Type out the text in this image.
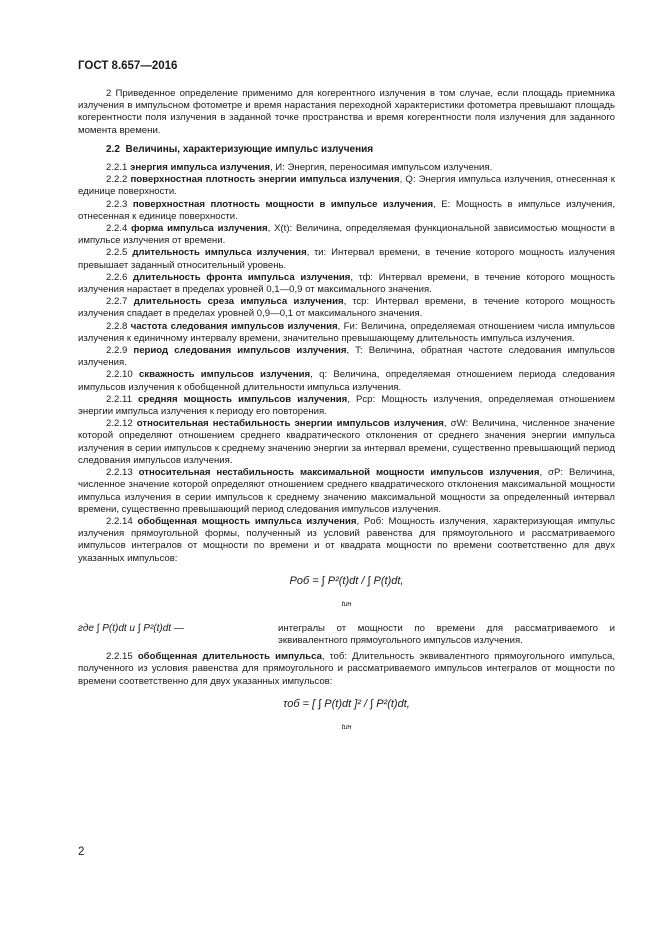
ГОСТ 8.657—2016

2 Приведенное определение применимо для когерентного излучения в том случае, если площадь приемника излучения в импульсном фотометре и время нарастания переходной характеристики фотометра превышают площадь когерентности поля излучения в заданной точке пространства и время когерентности поля излучения для заданного момента времени.

2.2 Величины, характеризующие импульс излучения

2.2.1 энергия импульса излучения, И: Энергия, переносимая импульсом излучения.

2.2.2 поверхностная плотность энергии импульса излучения, Q: Энергия импульса излучения, отнесенная к единице поверхности.

2.2.3 поверхностная плотность мощности в импульсе излучения, E: Мощность в импульсе излучения, отнесенная к единице поверхности.

2.2.4 форма импульса излучения, X(t): Величина, определяемая функциональной зависимостью мощности в импульсе излучения от времени.

2.2.5 длительность импульса излучения, τи: Интервал времени, в течение которого мощность излучения превышает заданный относительный уровень.

2.2.6 длительность фронта импульса излучения, τф: Интервал времени, в течение которого мощность излучения нарастает в пределах уровней 0,1—0,9 от максимального значения.

2.2.7 длительность среза импульса излучения, τср: Интервал времени, в течение которого мощность излучения спадает в пределах уровней 0,9—0,1 от максимального значения.

2.2.8 частота следования импульсов излучения, Fи: Величина, определяемая отношением числа импульсов излучения к единичному интервалу времени, значительно превышающему длительность импульса излучения.

2.2.9 период следования импульсов излучения, T: Величина, обратная частоте следования импульсов излучения.

2.2.10 скважность импульсов излучения, q: Величина, определяемая отношением периода следования импульсов излучения к обобщенной длительности импульса излучения.

2.2.11 средняя мощность импульсов излучения, Pср: Мощность излучения, определяемая отношением энергии импульса излучения к периоду его повторения.

2.2.12 относительная нестабильность энергии импульсов излучения, σW: Величина, численное значение которой определяют отношением среднего квадратического отклонения от среднего значения энергии импульса излучения в серии импульсов к среднему значению энергии за интервал времени, существенно превышающий период следования импульсов излучения.

2.2.13 относительная нестабильность максимальной мощности импульсов излучения, σP: Величина, численное значение которой определяют отношением среднего квадратического отклонения максимальной мощности импульса излучения в серии импульсов к среднему значению максимальной мощности за определенный интервал времени, существенно превышающий период следования импульсов излучения.

2.2.14 обобщенная мощность импульса излучения, Pоб: Мощность излучения, характеризующая импульс излучения прямоугольной формы, полученный из условий равенства для прямоугольного и рассматриваемого импульсов интегралов от мощности по времени и от квадрата мощности по времени соответственно для двух указанных импульсов:

Pоб = ∫ P²(t)dt / ∫ P(t)dt,
$_{tин}$
где ∫ P(t)dt и ∫ P²(t)dt —	интегралы от мощности по времени для рассматриваемого и эквивалентного прямоугольного импульсов излучения.

2.2.15 обобщенная длительность импульса, τоб: Длительность эквивалентного прямоугольного импульса, полученного из условия равенства для прямоугольного и рассматриваемого импульсов интегралов от мощности по времени соответственно для двух указанных импульсов:

τоб = [ ∫ P(t)dt ]² / ∫ P²(t)dt,
$_{tин}$
2
